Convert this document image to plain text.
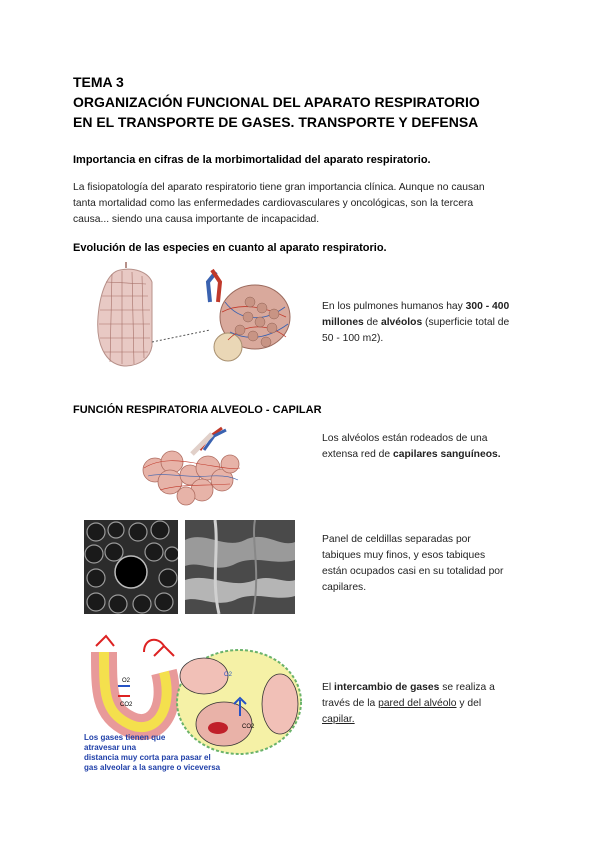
TEMA 3
ORGANIZACIÓN FUNCIONAL DEL APARATO RESPIRATORIO
EN EL TRANSPORTE DE GASES. TRANSPORTE Y DEFENSA
Importancia en cifras de la morbimortalidad del aparato respiratorio.
La fisiopatología del aparato respiratorio tiene gran importancia clínica. Aunque no causan
tanta mortalidad como las enfermedades cardiovasculares y oncológicas, son la tercera
causa... siendo una causa importante de incapacidad.
Evolución de las especies en cuanto al aparato respiratorio.
En los pulmones humanos hay 300 - 400
millones de alvéolos (superficie total de
50 - 100 m2).
FUNCIÓN RESPIRATORIA ALVEOLO - CAPILAR
Los alvéolos están rodeados de una
extensa red de capilares sanguíneos.
Panel de celdillas separadas por
tabiques muy finos, y esos tabiques
están ocupados casi en su totalidad por
capilares.
O2
CO2
CO2
O2
Los gases tienen que
atravesar una
distancia muy corta para pasar el
gas alveolar a la sangre o viceversa
El intercambio de gases se realiza a
través de la pared del alvéolo y del
capilar.
